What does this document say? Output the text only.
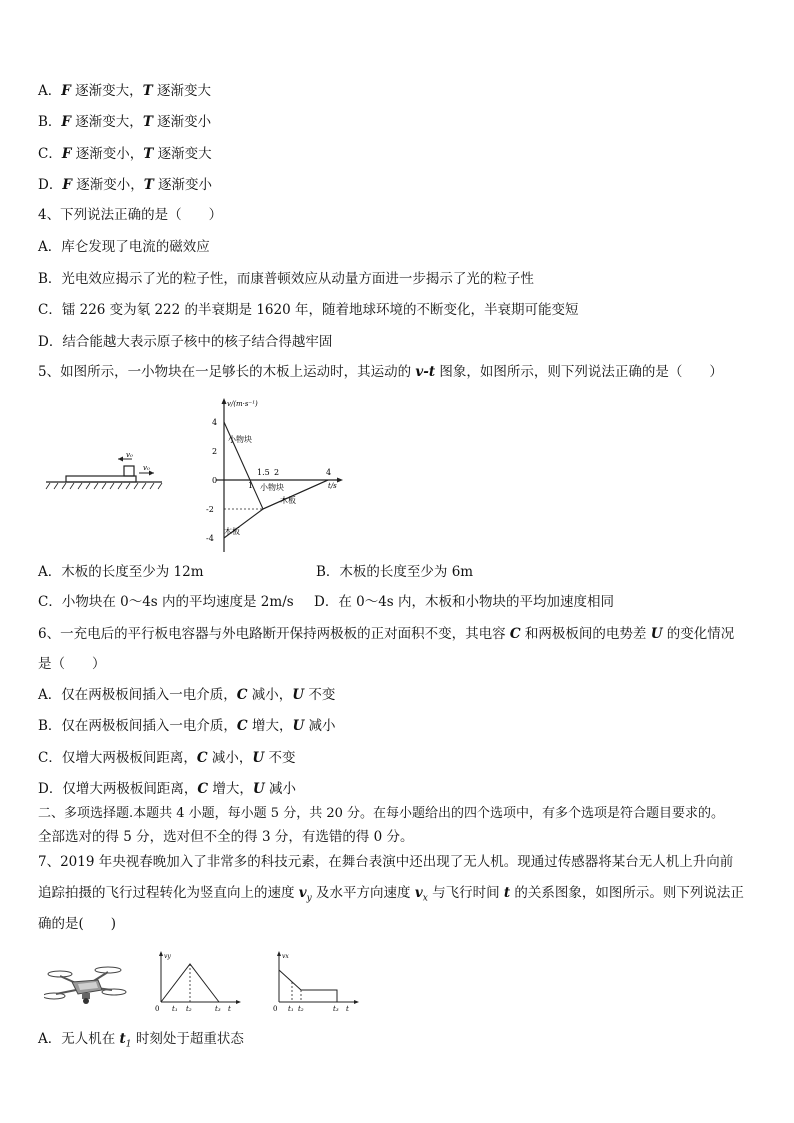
A．F 逐渐变大，T 逐渐变大
B．F 逐渐变大，T 逐渐变小
C．F 逐渐变小，T 逐渐变大
D．F 逐渐变小，T 逐渐变小
4、下列说法正确的是（　　）
A．库仑发现了电流的磁效应
B．光电效应揭示了光的粒子性，而康普顿效应从动量方面进一步揭示了光的粒子性
C．镭 226 变为氡 222 的半衰期是 1620 年，随着地球环境的不断变化，半衰期可能变短
D．结合能越大表示原子核中的核子结合得越牢固
5、如图所示，一小物块在一足够长的木板上运动时，其运动的 v-t 图象，如图所示，则下列说法正确的是（　　）
v₀
v₀
v/(m·s⁻¹)
t/s
4
2
0
-2
-4
1
1.5 2	4
小物块
小物块
木板
木板
A．木板的长度至少为 12m	B．木板的长度至少为 6m
C．小物块在 0～4s 内的平均速度是 2m/s D．在 0～4s 内，木板和小物块的平均加速度相同
6、一充电后的平行板电容器与外电路断开保持两极板的正对面积不变，其电容 C 和两极板间的电势差 U 的变化情况
是（　　）
A．仅在两极板间插入一电介质，C 减小，U 不变
B．仅在两极板间插入一电介质，C 增大，U 减小
C．仅增大两极板间距离，C 减小，U 不变
D．仅增大两极板间距离，C 增大，U 减小
二、多项选择题.本题共 4 小题，每小题 5 分，共 20 分。在每小题给出的四个选项中，有多个选项是符合题目要求的。
全部选对的得 5 分，选对但不全的得 3 分，有选错的得 0 分。
7、2019 年央视春晚加入了非常多的科技元素，在舞台表演中还出现了无人机。现通过传感器将某台无人机上升向前
追踪拍摄的飞行过程转化为竖直向上的速度 $v_y$ 及水平方向速度 $v_x$ 与飞行时间 t 的关系图象，如图所示。则下列说法正
确的是(　　)
vy
0 t₁ t₂	t₃ t
vx
0 t₁ t₂	t₃ t
A．无人机在 $t_1$ 时刻处于超重状态
